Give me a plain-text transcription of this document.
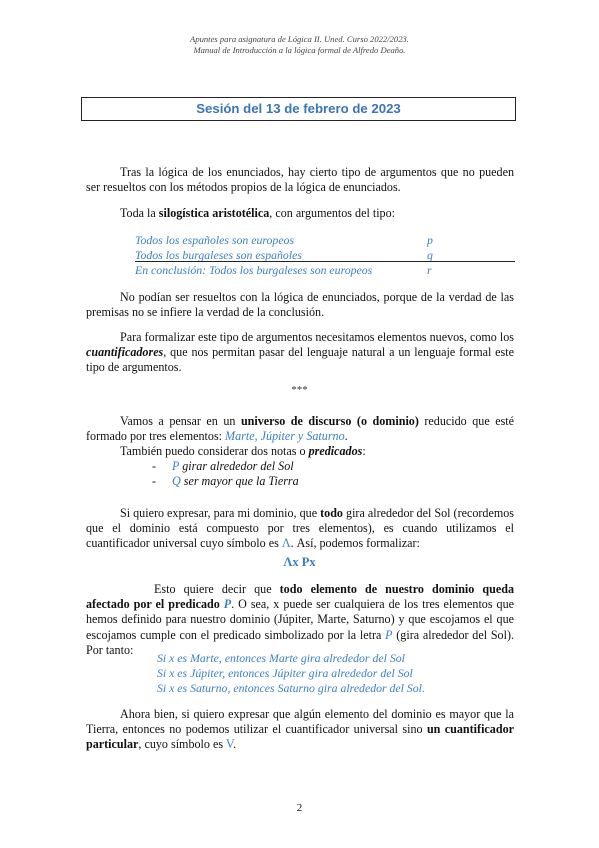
Apuntes para asignatura de Lógica II. Uned. Curso 2022/2023.
Manual de Introducción a la lógica formal de Alfredo Deaño.
Sesión del 13 de febrero de 2023
Tras la lógica de los enunciados, hay cierto tipo de argumentos que no pueden ser resueltos con los métodos propios de la lógica de enunciados.
Toda la silogística aristotélica, con argumentos del tipo:
Todos los españoles son europeos	p
Todos los burgaleses son españoles	q
En conclusión: Todos los burgaleses son europeos	r
No podían ser resueltos con la lógica de enunciados, porque de la verdad de las premisas no se infiere la verdad de la conclusión.
Para formalizar este tipo de argumentos necesitamos elementos nuevos, como los cuantificadores, que nos permitan pasar del lenguaje natural a un lenguaje formal este tipo de argumentos.
***
Vamos a pensar en un universo de discurso (o dominio) reducido que esté formado por tres elementos: Marte, Júpiter y Saturno.
También puedo considerar dos notas o predicados:
- P girar alrededor del Sol
- Q ser mayor que la Tierra
Si quiero expresar, para mi dominio, que todo gira alrededor del Sol (recordemos que el dominio está compuesto por tres elementos), es cuando utilizamos el cuantificador universal cuyo símbolo es Λ. Así, podemos formalizar:
Λx Px
Esto quiere decir que todo elemento de nuestro dominio queda afectado por el predicado P. O sea, x puede ser cualquiera de los tres elementos que hemos definido para nuestro dominio (Júpiter, Marte, Saturno) y que escojamos el que escojamos cumple con el predicado simbolizado por la letra P (gira alrededor del Sol). Por tanto:
Si x es Marte, entonces Marte gira alrededor del Sol
Si x es Júpiter, entonces Júpiter gira alrededor del Sol
Si x es Saturno, entonces Saturno gira alrededor del Sol.
Ahora bien, si quiero expresar que algún elemento del dominio es mayor que la Tierra, entonces no podemos utilizar el cuantificador universal sino un cuantificador particular, cuyo símbolo es V.
2
